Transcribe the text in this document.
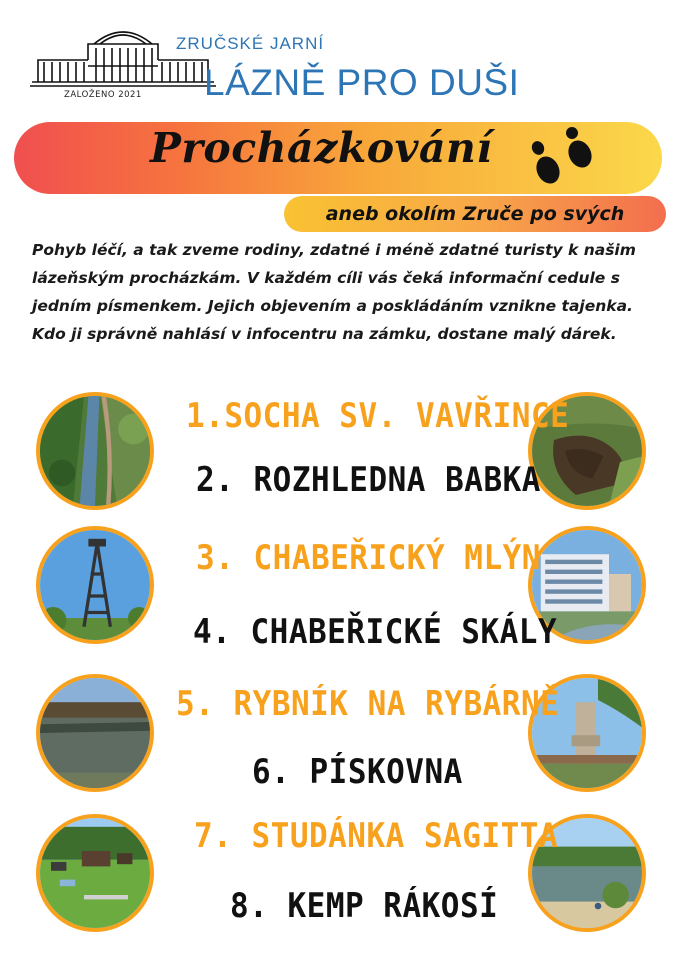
ZALOŽENO 2021
ZRUČSKÉ JARNÍ
LÁZNĚ PRO DUŠI
Procházkování
aneb okolím Zruče po svých
Pohyb léčí, a tak zveme rodiny, zdatné i méně zdatné turisty k našim lázeňským procházkám. V každém cíli vás čeká informační cedule s jedním písmenkem. Jejich objevením a poskládáním vznikne tajenka. Kdo ji správně nahlásí v infocentru na zámku, dostane malý dárek.
1.SOCHA SV. VAVŘINCE
2. ROZHLEDNA BABKA
3. CHABEŘICKÝ MLÝN
4. CHABEŘICKÉ SKÁLY
5. RYBNÍK NA RYBÁRNĚ
6. PÍSKOVNA
7. STUDÁNKA SAGITTA
8. KEMP RÁKOSÍ
